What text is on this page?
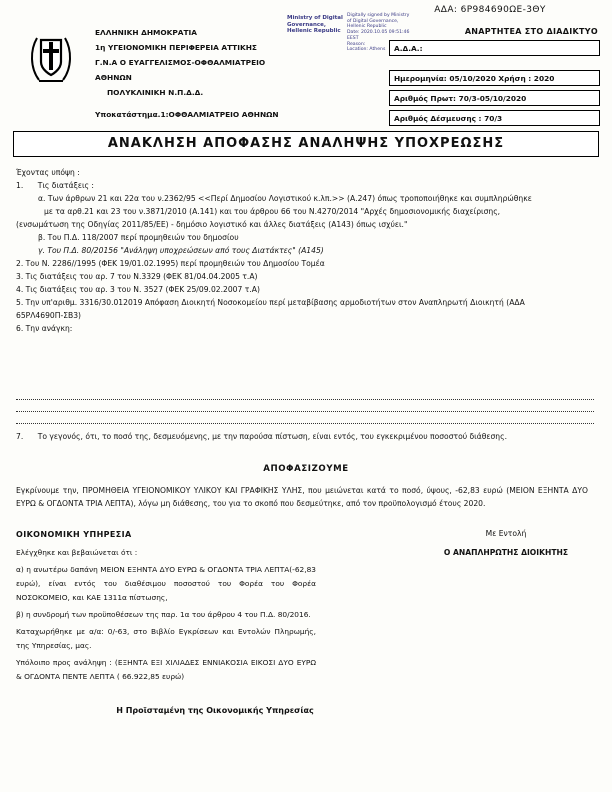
ΑΔΑ: 6Ρ984690ΩΕ-3ΘΥ
ΑΝΑΡΤΗΤΕΑ ΣΤΟ ΔΙΑΔΙΚΤΥΟ
ΕΛΛΗΝΙΚΗ ΔΗΜΟΚΡΑΤΙΑ
1η ΥΓΕΙΟΝΟΜΙΚΗ ΠΕΡΙΦΕΡΕΙΑ ΑΤΤΙΚΗΣ
Γ.Ν.Α Ο ΕΥΑΓΓΕΛΙΣΜΟΣ-ΟΦΘΑΛΜΙΑΤΡΕΙΟ ΑΘΗΝΩΝ
ΠΟΛΥΚΛΙΝΙΚΗ Ν.Π.Δ.Δ.
Υποκατάστημα.1:ΟΦΘΑΛΜΙΑΤΡΕΙΟ ΑΘΗΝΩΝ
Ministry of Digital
Governance,
Hellenic Republic
Digitally signed by Ministry
of Digital Governance,
Hellenic Republic
Date: 2020.10.05 09:51:46
EEST
Reason:
Location: Athens	Α.Δ.Α.:
Ημερομηνία: 05/10/2020 Χρήση : 2020
Αριθμός Πρωτ: 70/3-05/10/2020
Αριθμός Δέσμευσης : 70/3
ΑΝΑΚΛΗΣΗ ΑΠΟΦΑΣΗΣ ΑΝΑΛΗΨΗΣ ΥΠΟΧΡΕΩΣΗΣ
Έχοντας υπόψη :
1.      Τις διατάξεις :
α. Των άρθρων 21 και 22α του ν.2362/95 <<Περί Δημοσίου Λογιστικού κ.λπ.>> (Α.247) όπως τροποποιήθηκε και συμπληρώθηκε
με τα αρθ.21 και 23 του ν.3871/2010 (Α.141) και του άρθρου 66 του Ν.4270/2014 "Αρχές δημοσιονομικής διαχείρισης,
(ενσωμάτωση της Οδηγίας 2011/85/ΕΕ) - δημόσιο λογιστικό και άλλες διατάξεις (Α143) όπως ισχύει."
β. Του Π.Δ. 118/2007 περί προμηθειών του δημοσίου
γ. Του Π.Δ. 80/20156 "Ανάληψη υποχρεώσεων από τους Διατάκτες" (Α145)
2. Του Ν. 2286//1995 (ΦΕΚ 19/01.02.1995) περί προμηθειών του Δημοσίου Τομέα
3. Τις διατάξεις του αρ. 7 του Ν.3329 (ΦΕΚ 81/04.04.2005 τ.Α)
4. Τις διατάξεις του αρ. 3 του Ν. 3527 (ΦΕΚ 25/09.02.2007 τ.Α)
5. Την υπ'αριθμ. 3316/30.012019 Απόφαση Διοικητή Νοσοκομείου περί μεταβίβασης αρμοδιοτήτων στον Αναπληρωτή Διοικητή (ΑΔΑ
65ΡΛ4690Π-ΣΒ3)
6. Την ανάγκη:
7.      Το γεγονός, ότι, το ποσό της, δεσμευόμενης, με την παρούσα πίστωση, είναι εντός, του εγκεκριμένου ποσοστού διάθεσης.
ΑΠΟΦΑΣΙΖΟΥΜΕ
Εγκρίνουμε την, ΠΡΟΜΗΘΕΙΑ ΥΓΕΙΟΝΟΜΙΚΟΥ ΥΛΙΚΟΥ ΚΑΙ ΓΡΑΦΙΚΗΣ ΥΛΗΣ, που μειώνεται κατά το ποσό, ύψους, -62,83 ευρώ (ΜΕΙΟΝ ΕΞΗΝΤΑ ΔΥΟ ΕΥΡΩ & ΟΓΔΟΝΤΑ ΤΡΙΑ ΛΕΠΤΑ), λόγω μη διάθεσης, του για το σκοπό που δεσμεύτηκε, από τον προϋπολογισμό έτους 2020.
ΟΙΚΟΝΟΜΙΚΗ ΥΠΗΡΕΣΙΑ
Ελέγχθηκε και βεβαιώνεται ότι :
α) η ανωτέρω δαπάνη ΜΕΙΟΝ ΕΞΗΝΤΑ ΔΥΟ ΕΥΡΩ & ΟΓΔΟΝΤΑ ΤΡΙΑ ΛΕΠΤΑ(-62,83 ευρώ), είναι εντός του διαθέσιμου ποσοστού του Φορέα του Φορέα ΝΟΣΟΚΟΜΕΙΟ, και ΚΑΕ 1311α πίστωσης,
β) η συνδρομή των προϋποθέσεων της παρ. 1α του άρθρου 4 του Π.Δ. 80/2016.
Καταχωρήθηκε με α/α: 0/-63, στο Βιβλίο Εγκρίσεων και Εντολών Πληρωμής, της Υπηρεσίας, μας.
Υπόλοιπο προς ανάληψη : (ΕΞΗΝΤΑ ΕΞΙ ΧΙΛΙΑΔΕΣ ΕΝΝΙΑΚΟΣΙΑ ΕΙΚΟΣΙ ΔΥΟ ΕΥΡΩ & ΟΓΔΟΝΤΑ ΠΕΝΤΕ ΛΕΠΤΑ ( 66.922,85 ευρώ)
Με Εντολή
Ο ΑΝΑΠΛΗΡΩΤΗΣ ΔΙΟΙΚΗΤΗΣ
Η Προϊσταμένη της Οικονομικής Υπηρεσίας
